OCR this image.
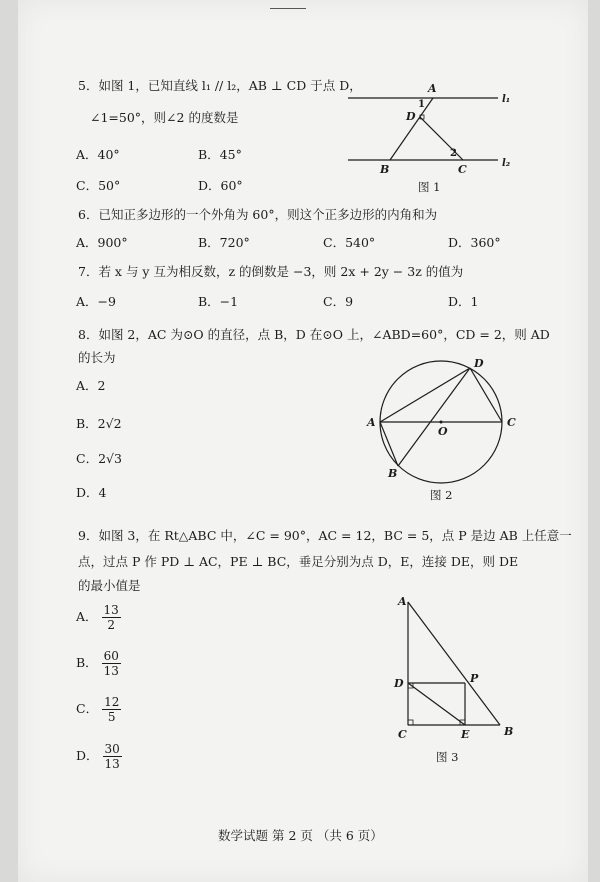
5．如图 1，已知直线 l₁ // l₂，AB ⊥ CD 于点 D，
∠1=50°，则∠2 的度数是
A．40°	B．45°
C．50°	D．60°
A
1
D
2
B	C
l₁
l₂
图 1
6．已知正多边形的一个外角为 60°，则这个正多边形的内角和为
A．900°	B．720°	C．540°	D．360°
7．若 x 与 y 互为相反数，z 的倒数是 −3，则 2x + 2y − 3z 的值为
A．−9	B．−1	C．9	D．1
8．如图 2，AC 为⊙O 的直径，点 B，D 在⊙O 上，∠ABD=60°，CD = 2，则 AD
的长为
A．2
B．2√2
C．2√3
D．4
A	C
D
O
B
图 2
9．如图 3，在 Rt△ABC 中，∠C = 90°，AC = 12，BC = 5，点 P 是边 AB 上任意一
点，过点 P 作 PD ⊥ AC，PE ⊥ BC，垂足分别为点 D，E，连接 DE，则 DE
的最小值是
A． $\frac{13}{2}$
B． $\frac{60}{13}$
C． $\frac{12}{5}$
D． $\frac{30}{13}$
A
D	P
C	E	B
图 3
数学试题 第 2 页 （共 6 页）
